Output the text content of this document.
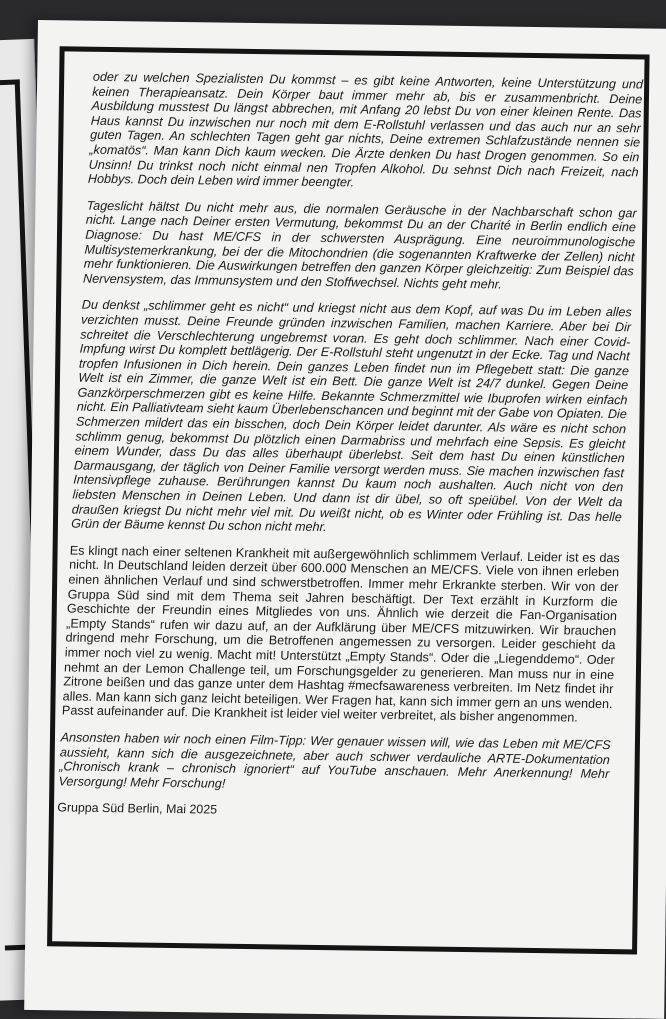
oder zu welchen Spezialisten Du kommst – es gibt keine Antworten, keine Unterstützung und keinen Therapieansatz. Dein Körper baut immer mehr ab, bis er zusammenbricht. Deine Ausbildung musstest Du längst abbrechen, mit Anfang 20 lebst Du von einer kleinen Rente. Das Haus kannst Du inzwischen nur noch mit dem E-Rollstuhl verlassen und das auch nur an sehr guten Tagen. An schlechten Tagen geht gar nichts, Deine extremen Schlafzustände nennen sie „komatös“. Man kann Dich kaum wecken. Die Ärzte denken Du hast Drogen genommen. So ein Unsinn! Du trinkst noch nicht einmal nen Tropfen Alkohol. Du sehnst Dich nach Freizeit, nach Hobbys. Doch dein Leben wird immer beengter.

Tageslicht hältst Du nicht mehr aus, die normalen Geräusche in der Nachbarschaft schon gar nicht. Lange nach Deiner ersten Vermutung, bekommst Du an der Charité in Berlin endlich eine Diagnose: Du hast ME/CFS in der schwersten Ausprägung. Eine neuroimmunologische Multisystemerkrankung, bei der die Mitochondrien (die sogenannten Kraftwerke der Zellen) nicht mehr funktionieren. Die Auswirkungen betreffen den ganzen Körper gleichzeitig: Zum Beispiel das Nervensystem, das Immunsystem und den Stoffwechsel. Nichts geht mehr.

Du denkst „schlimmer geht es nicht“ und kriegst nicht aus dem Kopf, auf was Du im Leben alles verzichten musst. Deine Freunde gründen inzwischen Familien, machen Karriere. Aber bei Dir schreitet die Verschlechterung ungebremst voran. Es geht doch schlimmer. Nach einer Covid-Impfung wirst Du komplett bettlägerig. Der E-Rollstuhl steht ungenutzt in der Ecke. Tag und Nacht tropfen Infusionen in Dich herein. Dein ganzes Leben findet nun im Pflegebett statt: Die ganze Welt ist ein Zimmer, die ganze Welt ist ein Bett. Die ganze Welt ist 24/7 dunkel. Gegen Deine Ganzkörperschmerzen gibt es keine Hilfe. Bekannte Schmerzmittel wie Ibuprofen wirken einfach nicht. Ein Palliativteam sieht kaum Überlebenschancen und beginnt mit der Gabe von Opiaten. Die Schmerzen mildert das ein bisschen, doch Dein Körper leidet darunter. Als wäre es nicht schon schlimm genug, bekommst Du plötzlich einen Darmabriss und mehrfach eine Sepsis. Es gleicht einem Wunder, dass Du das alles überhaupt überlebst. Seit dem hast Du einen künstlichen Darmausgang, der täglich von Deiner Familie versorgt werden muss. Sie machen inzwischen fast Intensivpflege zuhause. Berührungen kannst Du kaum noch aushalten. Auch nicht von den liebsten Menschen in Deinen Leben. Und dann ist dir übel, so oft speiübel. Von der Welt da draußen kriegst Du nicht mehr viel mit. Du weißt nicht, ob es Winter oder Frühling ist. Das helle Grün der Bäume kennst Du schon nicht mehr.

Es klingt nach einer seltenen Krankheit mit außergewöhnlich schlimmem Verlauf. Leider ist es das nicht. In Deutschland leiden derzeit über 600.000 Menschen an ME/CFS. Viele von ihnen erleben einen ähnlichen Verlauf und sind schwerstbetroffen. Immer mehr Erkrankte sterben. Wir von der Gruppa Süd sind mit dem Thema seit Jahren beschäftigt. Der Text erzählt in Kurzform die Geschichte der Freundin eines Mitgliedes von uns. Ähnlich wie derzeit die Fan-Organisation „Empty Stands“ rufen wir dazu auf, an der Aufklärung über ME/CFS mitzuwirken. Wir brauchen dringend mehr Forschung, um die Betroffenen angemessen zu versorgen. Leider geschieht da immer noch viel zu wenig. Macht mit! Unterstützt „Empty Stands“. Oder die „Liegenddemo“. Oder nehmt an der Lemon Challenge teil, um Forschungsgelder zu generieren. Man muss nur in eine Zitrone beißen und das ganze unter dem Hashtag #mecfsawareness verbreiten. Im Netz findet ihr alles. Man kann sich ganz leicht beteiligen. Wer Fragen hat, kann sich immer gern an uns wenden. Passt aufeinander auf. Die Krankheit ist leider viel weiter verbreitet, als bisher angenommen.

Ansonsten haben wir noch einen Film-Tipp: Wer genauer wissen will, wie das Leben mit ME/CFS aussieht, kann sich die ausgezeichnete, aber auch schwer verdauliche ARTE-Dokumentation „Chronisch krank – chronisch ignoriert“ auf YouTube anschauen. Mehr Anerkennung! Mehr Versorgung! Mehr Forschung!

Gruppa Süd Berlin, Mai 2025
